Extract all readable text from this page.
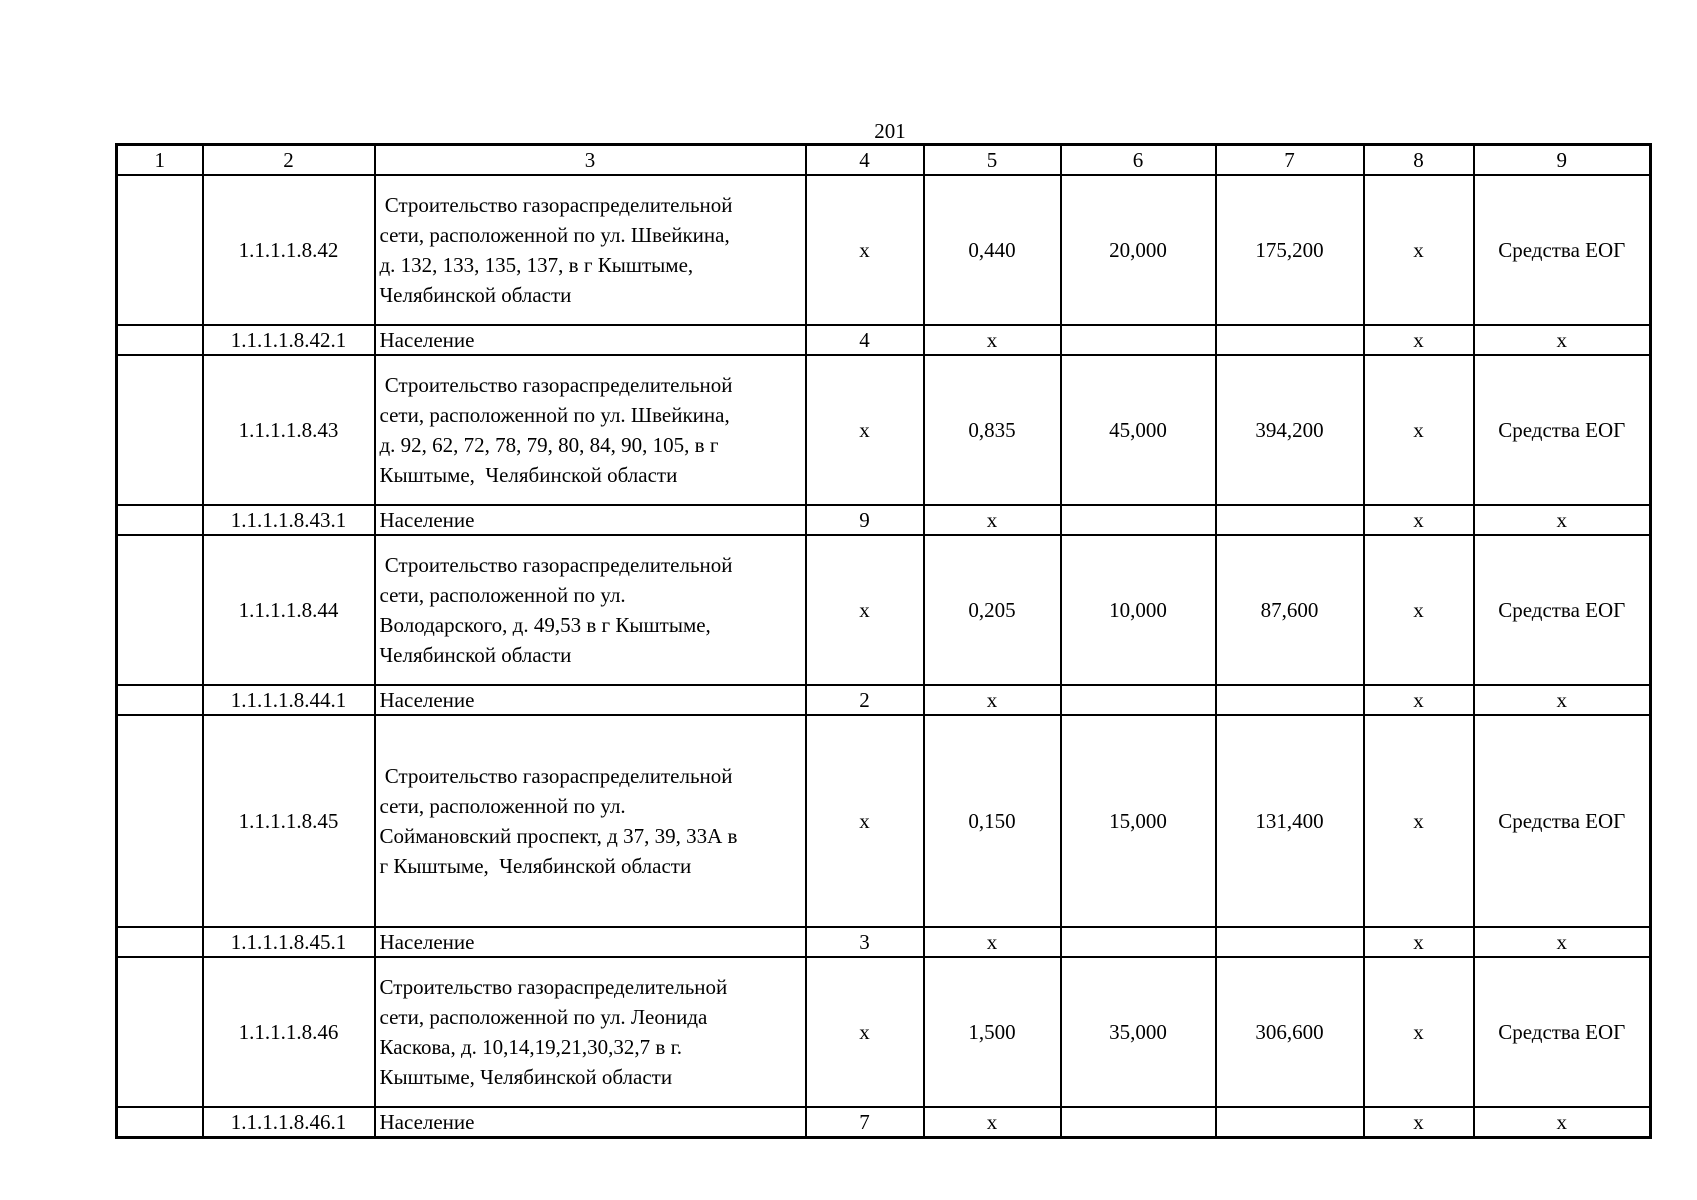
201
1	2	3	4	5	6	7	8	9
	1.1.1.1.8.42	Строительство газораспределительной
сети, расположенной по ул. Швейкина,
д. 132, 133, 135, 137, в г Кыштыме,
Челябинской области	х	0,440	20,000	175,200	х	Средства ЕОГ
	1.1.1.1.8.42.1	Население	4	х			х	х
	1.1.1.1.8.43	Строительство газораспределительной
сети, расположенной по ул. Швейкина,
д. 92, 62, 72, 78, 79, 80, 84, 90, 105, в г
Кыштыме,  Челябинской области	х	0,835	45,000	394,200	х	Средства ЕОГ
	1.1.1.1.8.43.1	Население	9	х			х	х
	1.1.1.1.8.44	Строительство газораспределительной
сети, расположенной по ул.
Володарского, д. 49,53 в г Кыштыме,
Челябинской области	х	0,205	10,000	87,600	х	Средства ЕОГ
	1.1.1.1.8.44.1	Население	2	х			х	х
	1.1.1.1.8.45	Строительство газораспределительной
сети, расположенной по ул.
Соймановский проспект, д 37, 39, 33А в
г Кыштыме,  Челябинской области	х	0,150	15,000	131,400	х	Средства ЕОГ
	1.1.1.1.8.45.1	Население	3	х			х	х
	1.1.1.1.8.46	Строительство газораспределительной
сети, расположенной по ул. Леонида
Каскова, д. 10,14,19,21,30,32,7 в г.
Кыштыме, Челябинской области	х	1,500	35,000	306,600	х	Средства ЕОГ
	1.1.1.1.8.46.1	Население	7	х			х	х
